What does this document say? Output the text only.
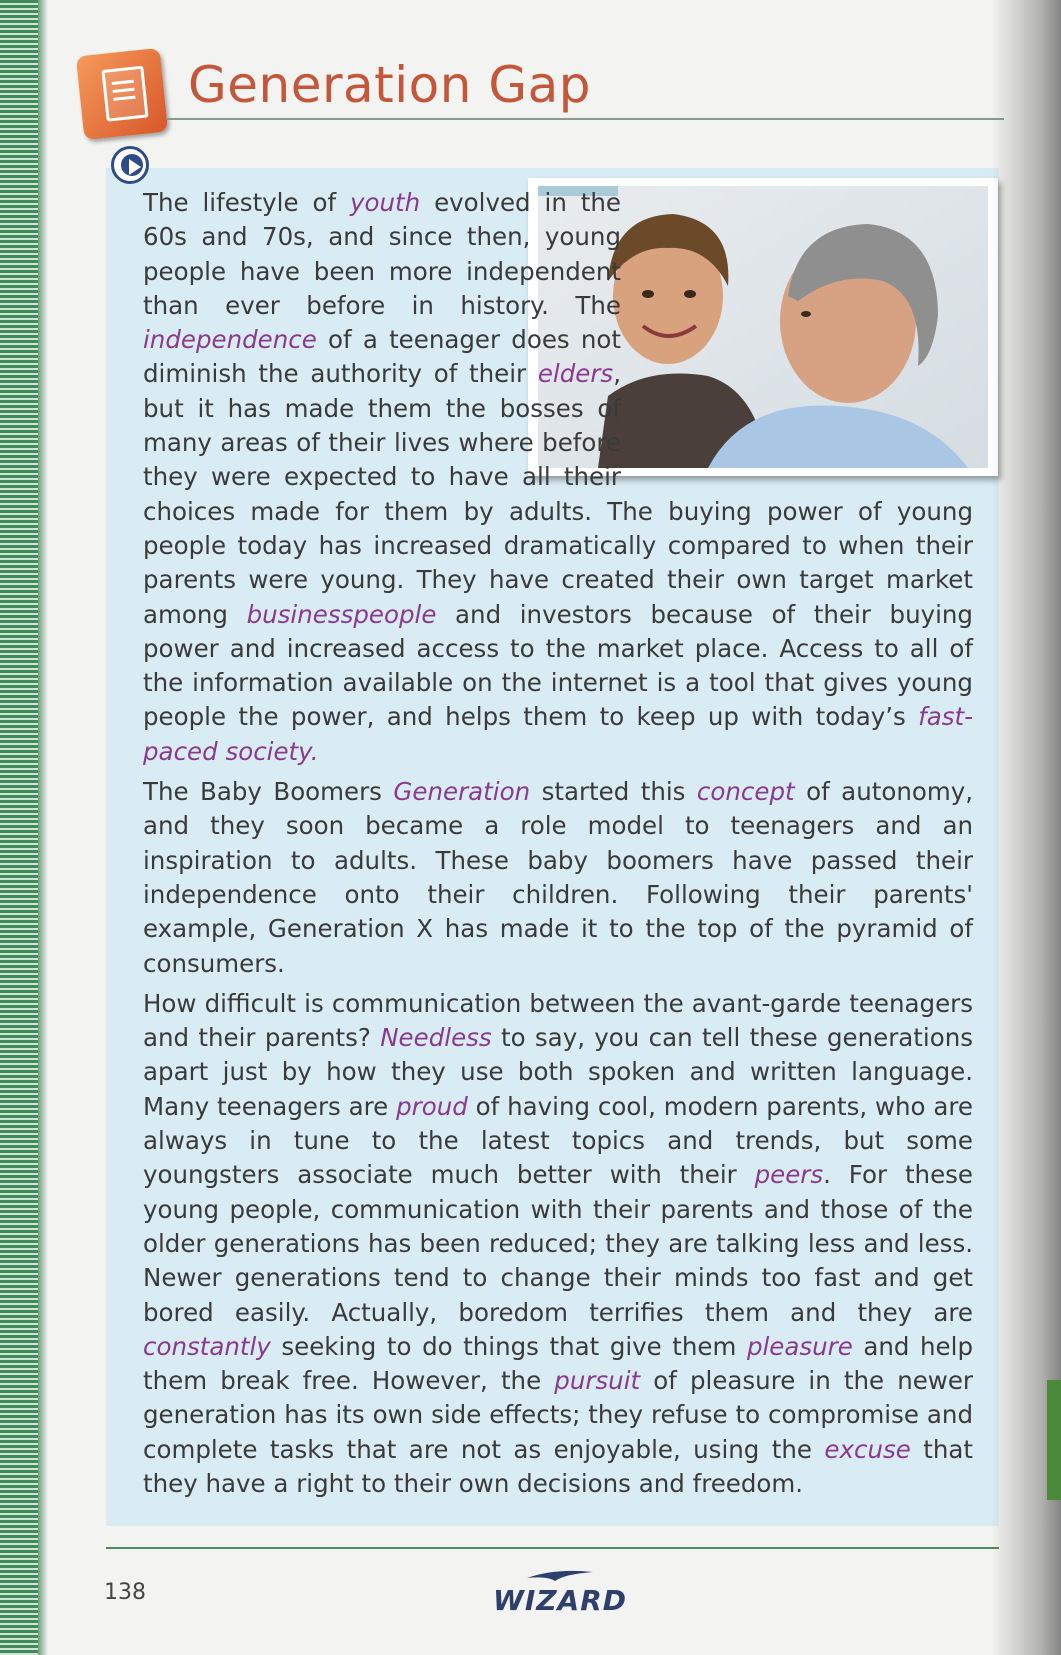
Generation Gap

The lifestyle of youth evolved in the 60s and 70s, and since then, young people have been more independent than ever before in history. The independence of a teenager does not diminish the authority of their elders, but it has made them the bosses of many areas of their lives where before they were expected to have all their choices made for them by adults. The buying power of young people today has increased dramatically compared to when their parents were young. They have created their own target market among businesspeople and investors because of their buying power and increased access to the market place. Access to all of the information available on the internet is a tool that gives young people the power, and helps them to keep up with today’s fast-paced society.

The Baby Boomers Generation started this concept of autonomy, and they soon became a role model to teenagers and an inspiration to adults. These baby boomers have passed their independence onto their children. Following their parents' example, Generation X has made it to the top of the pyramid of consumers.

How difficult is communication between the avant-garde teenagers and their parents? Needless to say, you can tell these generations apart just by how they use both spoken and written language. Many teenagers are proud of having cool, modern parents, who are always in tune to the latest topics and trends, but some youngsters associate much better with their peers. For these young people, communication with their parents and those of the older generations has been reduced; they are talking less and less. Newer generations tend to change their minds too fast and get bored easily. Actually, boredom terrifies them and they are constantly seeking to do things that give them pleasure and help them break free. However, the pursuit of pleasure in the newer generation has its own side effects; they refuse to compromise and complete tasks that are not as enjoyable, using the excuse that they have a right to their own decisions and freedom.

138	WIZARD
